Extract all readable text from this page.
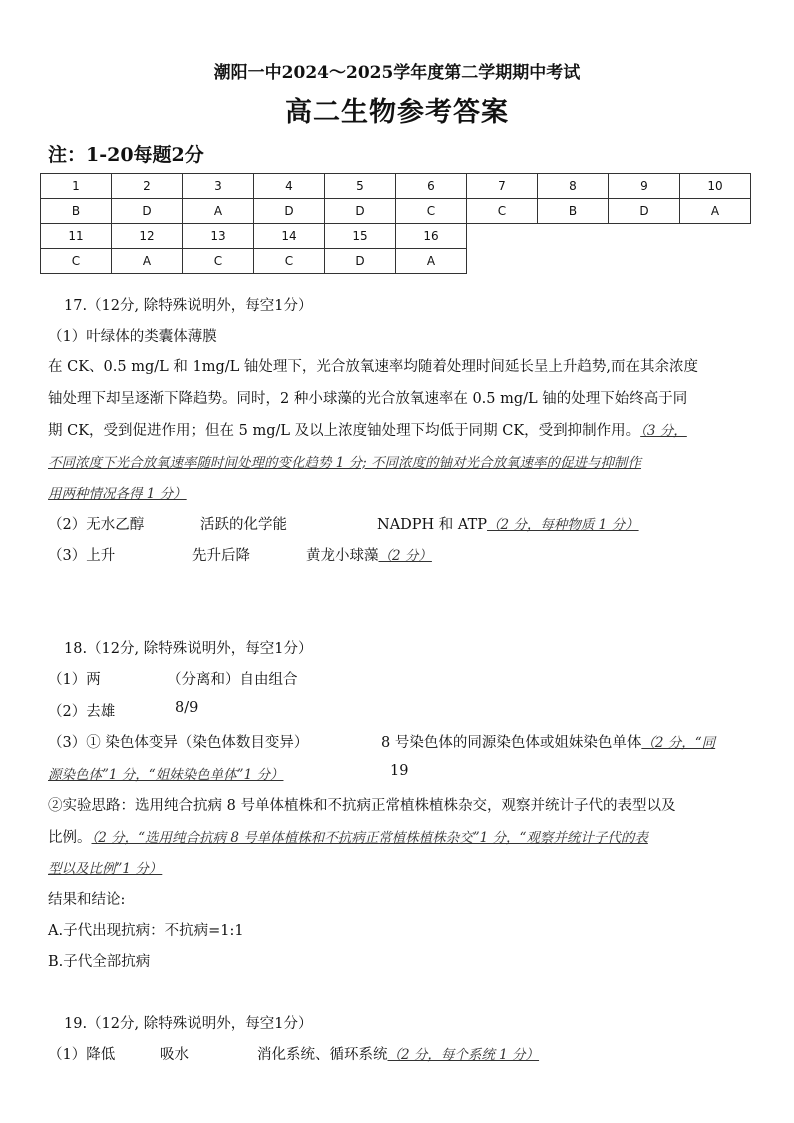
潮阳一中2024～2025学年度第二学期期中考试
高二生物参考答案
注：1-20每题2分
1	2	3	4	5	6	7	8	9	10
B	D	A	D	D	C	C	B	D	A
11	12	13	14	15	16				
C	A	C	C	D	A				
17.（12分, 除特殊说明外，每空1分）
（1）叶绿体的类囊体薄膜
在 CK、0.5 mg/L 和 1mg/L 铀处理下，光合放氧速率均随着处理时间延长呈上升趋势,而在其余浓度
铀处理下却呈逐渐下降趋势。同时，2 种小球藻的光合放氧速率在 0.5 mg/L 铀的处理下始终高于同
期 CK，受到促进作用；但在 5 mg/L 及以上浓度铀处理下均低于同期 CK，受到抑制作用。（3 分，
不同浓度下光合放氧速率随时间处理的变化趋势 1 分; 不同浓度的铀对光合放氧速率的促进与抑制作
用两种情况各得 1 分）
（2）无水乙醇	活跃的化学能	NADPH 和 ATP（2 分，每种物质 1 分）
（3）上升	先升后降	黄龙小球藻（2 分）
18.（12分, 除特殊说明外，每空1分）
（1）两	（分离和）自由组合
（2）去雄	8/9
（3）① 染色体变异（染色体数目变异）	8 号染色体的同源染色体或姐妹染色单体（2 分，“同
源染色体”1 分，“姐妹染色单体”1 分）	19
②实验思路：选用纯合抗病 8 号单体植株和不抗病正常植株植株杂交，观察并统计子代的表型以及
比例。（2 分，“选用纯合抗病 8 号单体植株和不抗病正常植株植株杂交”1 分，“观察并统计子代的表
型以及比例”1 分）
结果和结论:
A.子代出现抗病：不抗病=1:1
B.子代全部抗病
19.（12分, 除特殊说明外，每空1分）
（1）降低	吸水	消化系统、循环系统（2 分，每个系统 1 分）
